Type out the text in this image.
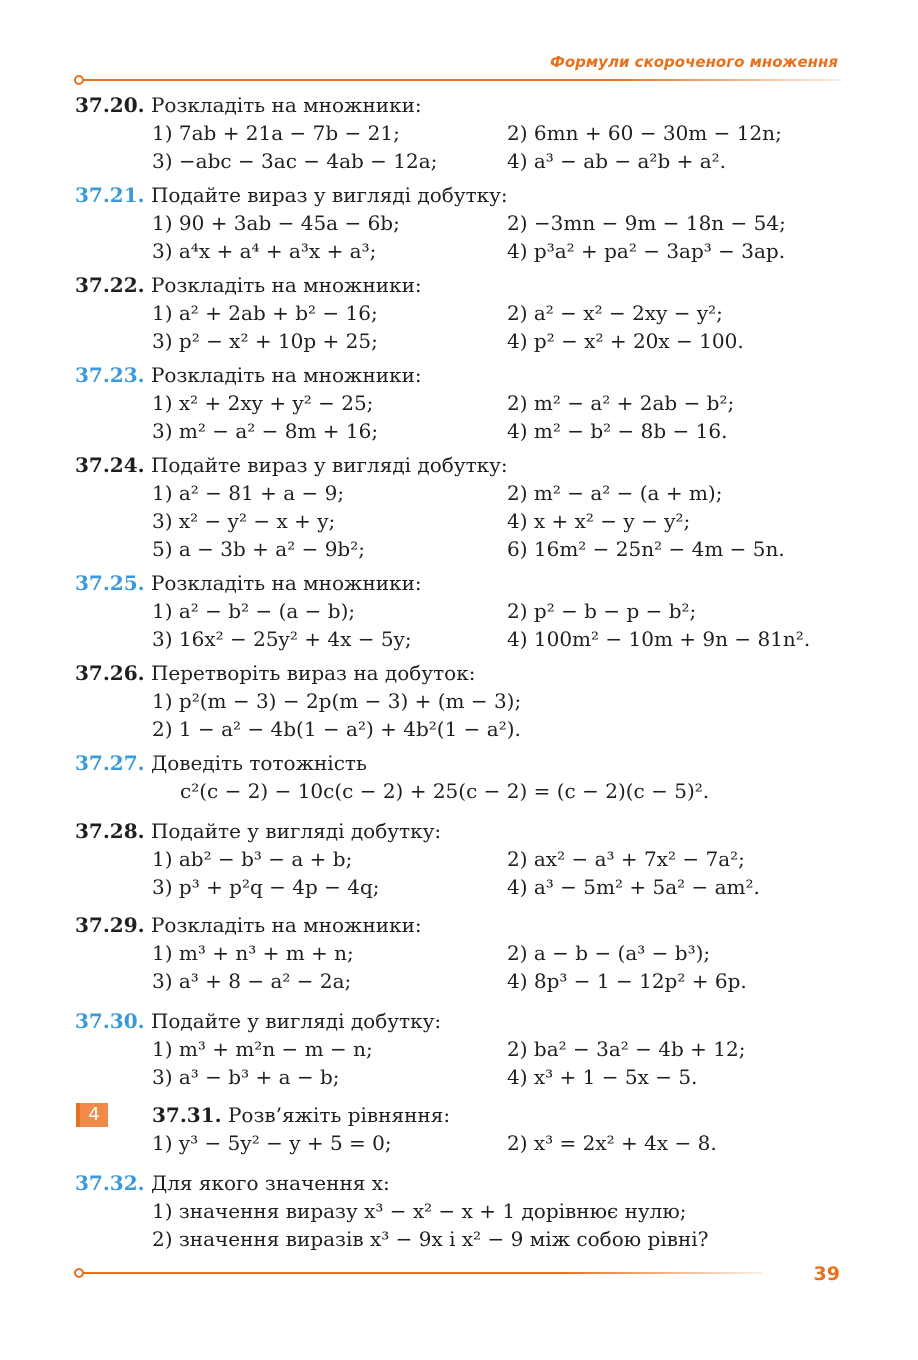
Формули скороченого множення
37.20. Розкладіть на множники:
1) 7ab + 21a − 7b − 21;	2) 6mn + 60 − 30m − 12n;
3) −abc − 3ac − 4ab − 12a;	4) a³ − ab − a²b + a².
37.21. Подайте вираз у вигляді добутку:
1) 90 + 3ab − 45a − 6b;	2) −3mn − 9m − 18n − 54;
3) a⁴x + a⁴ + a³x + a³;	4) p³a² + pa² − 3ap³ − 3ap.
37.22. Розкладіть на множники:
1) a² + 2ab + b² − 16;	2) a² − x² − 2xy − y²;
3) p² − x² + 10p + 25;	4) p² − x² + 20x − 100.
37.23. Розкладіть на множники:
1) x² + 2xy + y² − 25;	2) m² − a² + 2ab − b²;
3) m² − a² − 8m + 16;	4) m² − b² − 8b − 16.
37.24. Подайте вираз у вигляді добутку:
1) a² − 81 + a − 9;	2) m² − a² − (a + m);
3) x² − y² − x + y;	4) x + x² − y − y²;
5) a − 3b + a² − 9b²;	6) 16m² − 25n² − 4m − 5n.
37.25. Розкладіть на множники:
1) a² − b² − (a − b);	2) p² − b − p − b²;
3) 16x² − 25y² + 4x − 5y;	4) 100m² − 10m + 9n − 81n².
37.26. Перетворіть вираз на добуток:
1) p²(m − 3) − 2p(m − 3) + (m − 3);
2) 1 − a² − 4b(1 − a²) + 4b²(1 − a²).
37.27. Доведіть тотожність
c²(c − 2) − 10c(c − 2) + 25(c − 2) = (c − 2)(c − 5)².
37.28. Подайте у вигляді добутку:
1) ab² − b³ − a + b;	2) ax² − a³ + 7x² − 7a²;
3) p³ + p²q − 4p − 4q;	4) a³ − 5m² + 5a² − am².
37.29. Розкладіть на множники:
1) m³ + n³ + m + n;	2) a − b − (a³ − b³);
3) a³ + 8 − a² − 2a;	4) 8p³ − 1 − 12p² + 6p.
37.30. Подайте у вигляді добутку:
1) m³ + m²n − m − n;	2) ba² − 3a² − 4b + 12;
3) a³ − b³ + a − b;	4) x³ + 1 − 5x − 5.
4	37.31. Розв’яжіть рівняння:
1) y³ − 5y² − y + 5 = 0;	2) x³ = 2x² + 4x − 8.
37.32. Для якого значення x:
1) значення виразу x³ − x² − x + 1 дорівнює нулю;
2) значення виразів x³ − 9x і x² − 9 між собою рівні?
39
